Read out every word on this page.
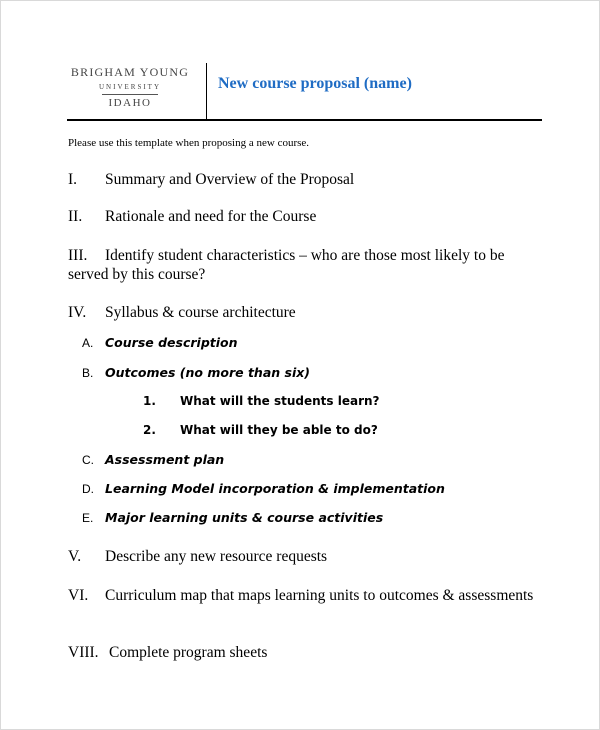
BRIGHAM YOUNG
UNIVERSITY
IDAHO
New course proposal (name)
Please use this template when proposing a new course.
I. Summary and Overview of the Proposal
II. Rationale and need for the Course
III. Identify student characteristics – who are those most likely to be served by this course?
IV. Syllabus & course architecture
A. Course description
B. Outcomes (no more than six)
1. What will the students learn?
2. What will they be able to do?
C. Assessment plan
D. Learning Model incorporation & implementation
E. Major learning units & course activities
V. Describe any new resource requests
VI. Curriculum map that maps learning units to outcomes & assessments
VIII. Complete program sheets
